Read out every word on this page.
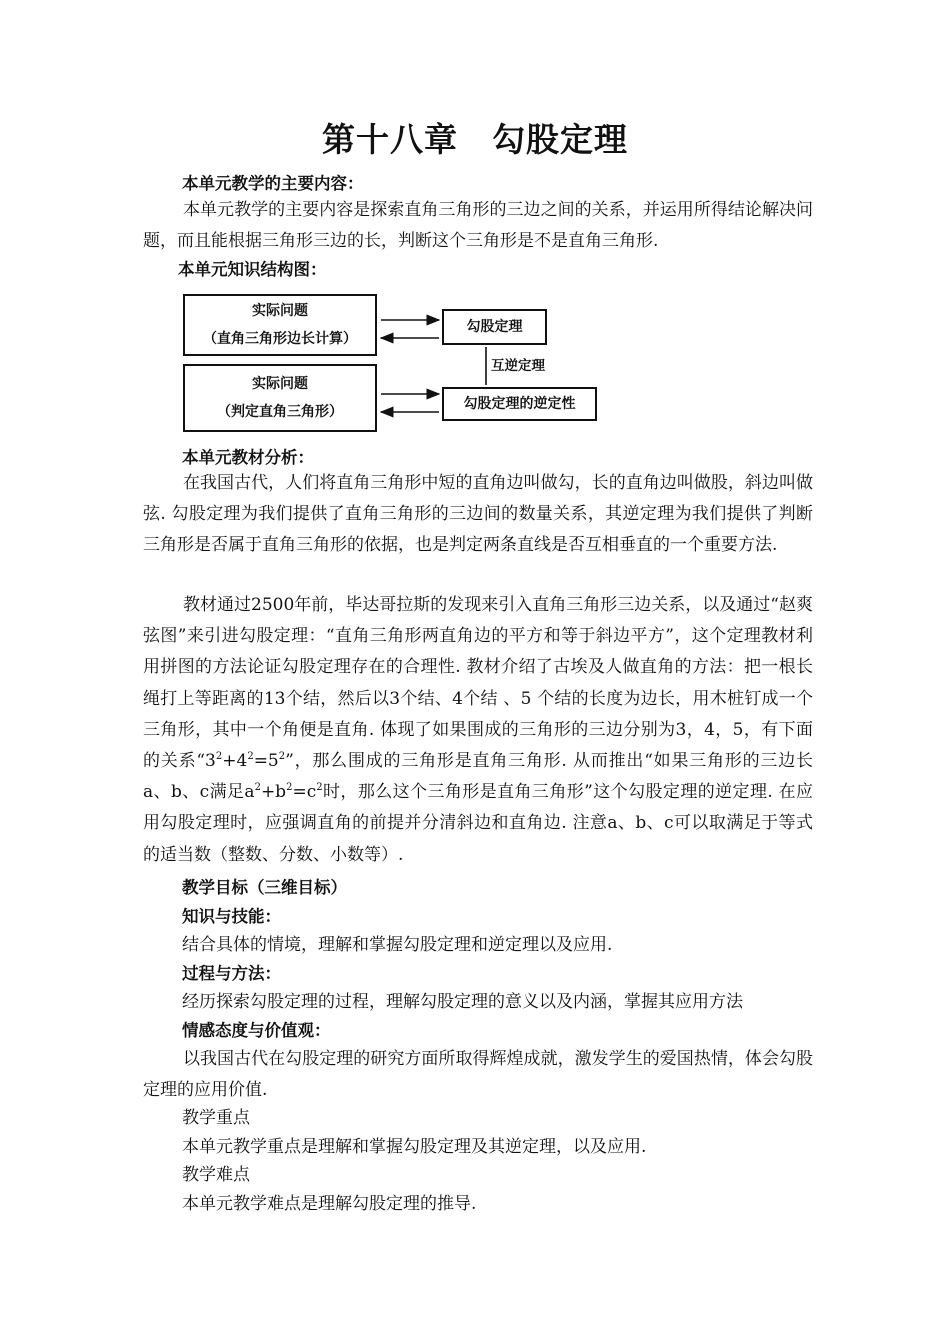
第十八章　勾股定理
本单元教学的主要内容：
本单元教学的主要内容是探索直角三角形的三边之间的关系，并运用所得结论解决问题，而且能根据三角形三边的长，判断这个三角形是不是直角三角形.
本单元知识结构图：
实际问题
（直角三角形边长计算）
实际问题
（判定直角三角形）
勾股定理
勾股定理的逆定性
互逆定理
本单元教材分析：
在我国古代，人们将直角三角形中短的直角边叫做勾，长的直角边叫做股，斜边叫做弦. 勾股定理为我们提供了直角三角形的三边间的数量关系，其逆定理为我们提供了判断三角形是否属于直角三角形的依据，也是判定两条直线是否互相垂直的一个重要方法.
教材通过2500年前，毕达哥拉斯的发现来引入直角三角形三边关系，以及通过“赵爽弦图”来引进勾股定理：“直角三角形两直角边的平方和等于斜边平方”，这个定理教材利用拼图的方法论证勾股定理存在的合理性. 教材介绍了古埃及人做直角的方法：把一根长绳打上等距离的13个结，然后以3个结、4个结 、5 个结的长度为边长，用木桩钉成一个三角形，其中一个角便是直角. 体现了如果围成的三角形的三边分别为3，4，5，有下面的关系“$3^2+4^2=5^2$”，那么围成的三角形是直角三角形. 从而推出“如果三角形的三边长a、b、c满足$a^2+b^2=c^2$时，那么这个三角形是直角三角形”这个勾股定理的逆定理. 在应用勾股定理时，应强调直角的前提并分清斜边和直角边. 注意a、b、c可以取满足于等式的适当数（整数、分数、小数等）.
教学目标（三维目标）
知识与技能：
结合具体的情境，理解和掌握勾股定理和逆定理以及应用.
过程与方法：
经历探索勾股定理的过程，理解勾股定理的意义以及内涵，掌握其应用方法
情感态度与价值观：
以我国古代在勾股定理的研究方面所取得辉煌成就，激发学生的爱国热情，体会勾股定理的应用价值.
教学重点
本单元教学重点是理解和掌握勾股定理及其逆定理，以及应用.
教学难点
本单元教学难点是理解勾股定理的推导.
